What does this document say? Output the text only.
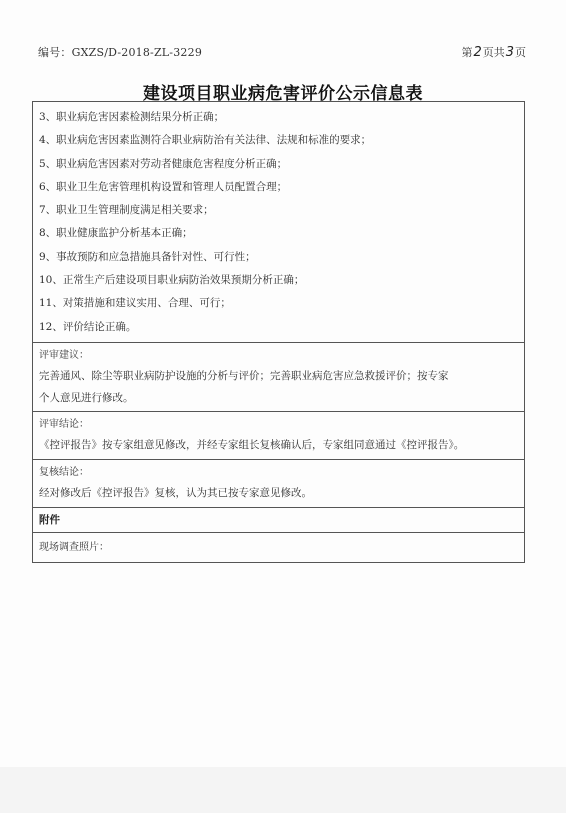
编号：GXZS/D-2018-ZL-3229	第2页共3页
建设项目职业病危害评价公示信息表
3、职业病危害因素检测结果分析正确；
4、职业病危害因素监测符合职业病防治有关法律、法规和标准的要求；
5、职业病危害因素对劳动者健康危害程度分析正确；
6、职业卫生危害管理机构设置和管理人员配置合理；
7、职业卫生管理制度满足相关要求；
8、职业健康监护分析基本正确；
9、事故预防和应急措施具备针对性、可行性；
10、正常生产后建设项目职业病防治效果预期分析正确；
11、对策措施和建议实用、合理、可行；
12、评价结论正确。
评审建议：
完善通风、除尘等职业病防护设施的分析与评价；完善职业病危害应急救援评价；按专家
个人意见进行修改。
评审结论：
《控评报告》按专家组意见修改，并经专家组长复核确认后，专家组同意通过《控评报告》。
复核结论：
经对修改后《控评报告》复核，认为其已按专家意见修改。
附件
现场调查照片：
